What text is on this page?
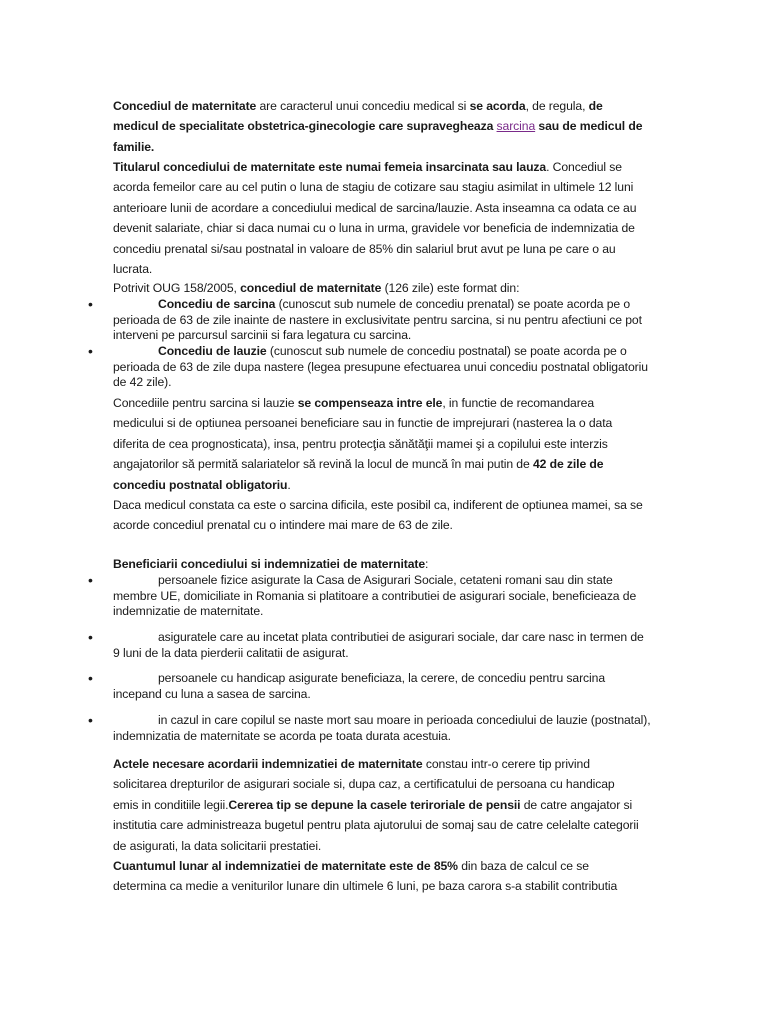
Concediul de maternitate are caracterul unui concediu medical si se acorda, de regula, de medicul de specialitate obstetrica-ginecologie care supravegheaza sarcina sau de medicul de familie.

Titularul concediului de maternitate este numai femeia insarcinata sau lauza. Concediul se acorda femeilor care au cel putin o luna de stagiu de cotizare sau stagiu asimilat in ultimele 12 luni anterioare lunii de acordare a concediului medical de sarcina/lauzie. Asta inseamna ca odata ce au devenit salariate, chiar si daca numai cu o luna in urma, gravidele vor beneficia de indemnizatia de concediu prenatal si/sau postnatal in valoare de 85% din salariul brut avut pe luna pe care o au lucrata.

Potrivit OUG 158/2005, concediul de maternitate (126 zile) este format din:

•	Concediu de sarcina (cunoscut sub numele de concediu prenatal) se poate acorda pe o perioada de 63 de zile inainte de nastere in exclusivitate pentru sarcina, si nu pentru afectiuni ce pot interveni pe parcursul sarcinii si fara legatura cu sarcina.
•	Concediu de lauzie (cunoscut sub numele de concediu postnatal) se poate acorda pe o perioada de 63 de zile dupa nastere (legea presupune efectuarea unui concediu postnatal obligatoriu de 42 zile).

Concediile pentru sarcina si lauzie se compenseaza intre ele, in functie de recomandarea medicului si de optiunea persoanei beneficiare sau in functie de imprejurari (nasterea la o data diferita de cea prognosticata), insa, pentru protecţia sănătăţii mamei şi a copilului este interzis angajatorilor să permită salariatelor să revină la locul de muncă în mai putin de 42 de zile de concediu postnatal obligatoriu.

Daca medicul constata ca este o sarcina dificila, este posibil ca, indiferent de optiunea mamei, sa se acorde concediul prenatal cu o intindere mai mare de 63 de zile.

Beneficiarii concediului si indemnizatiei de maternitate:

•	persoanele fizice asigurate la Casa de Asigurari Sociale, cetateni romani sau din state membre UE, domiciliate in Romania si platitoare a contributiei de asigurari sociale, beneficieaza de indemnizatie de maternitate.
•	asiguratele care au incetat plata contributiei de asigurari sociale, dar care nasc in termen de 9 luni de la data pierderii calitatii de asigurat.
•	persoanele cu handicap asigurate beneficiaza, la cerere, de concediu pentru sarcina incepand cu luna a sasea de sarcina.
•	in cazul in care copilul se naste mort sau moare in perioada concediului de lauzie (postnatal), indemnizatia de maternitate se acorda pe toata durata acestuia.

Actele necesare acordarii indemnizatiei de maternitate constau intr-o cerere tip privind solicitarea drepturilor de asigurari sociale si, dupa caz, a certificatului de persoana cu handicap emis in conditiile legii.Cererea tip se depune la casele teriroriale de pensii de catre angajator si institutia care administreaza bugetul pentru plata ajutorului de somaj sau de catre celelalte categorii de asigurati, la data solicitarii prestatiei.

Cuantumul lunar al indemnizatiei de maternitate este de 85% din baza de calcul ce se determina ca medie a veniturilor lunare din ultimele 6 luni, pe baza carora s-a stabilit contributia
